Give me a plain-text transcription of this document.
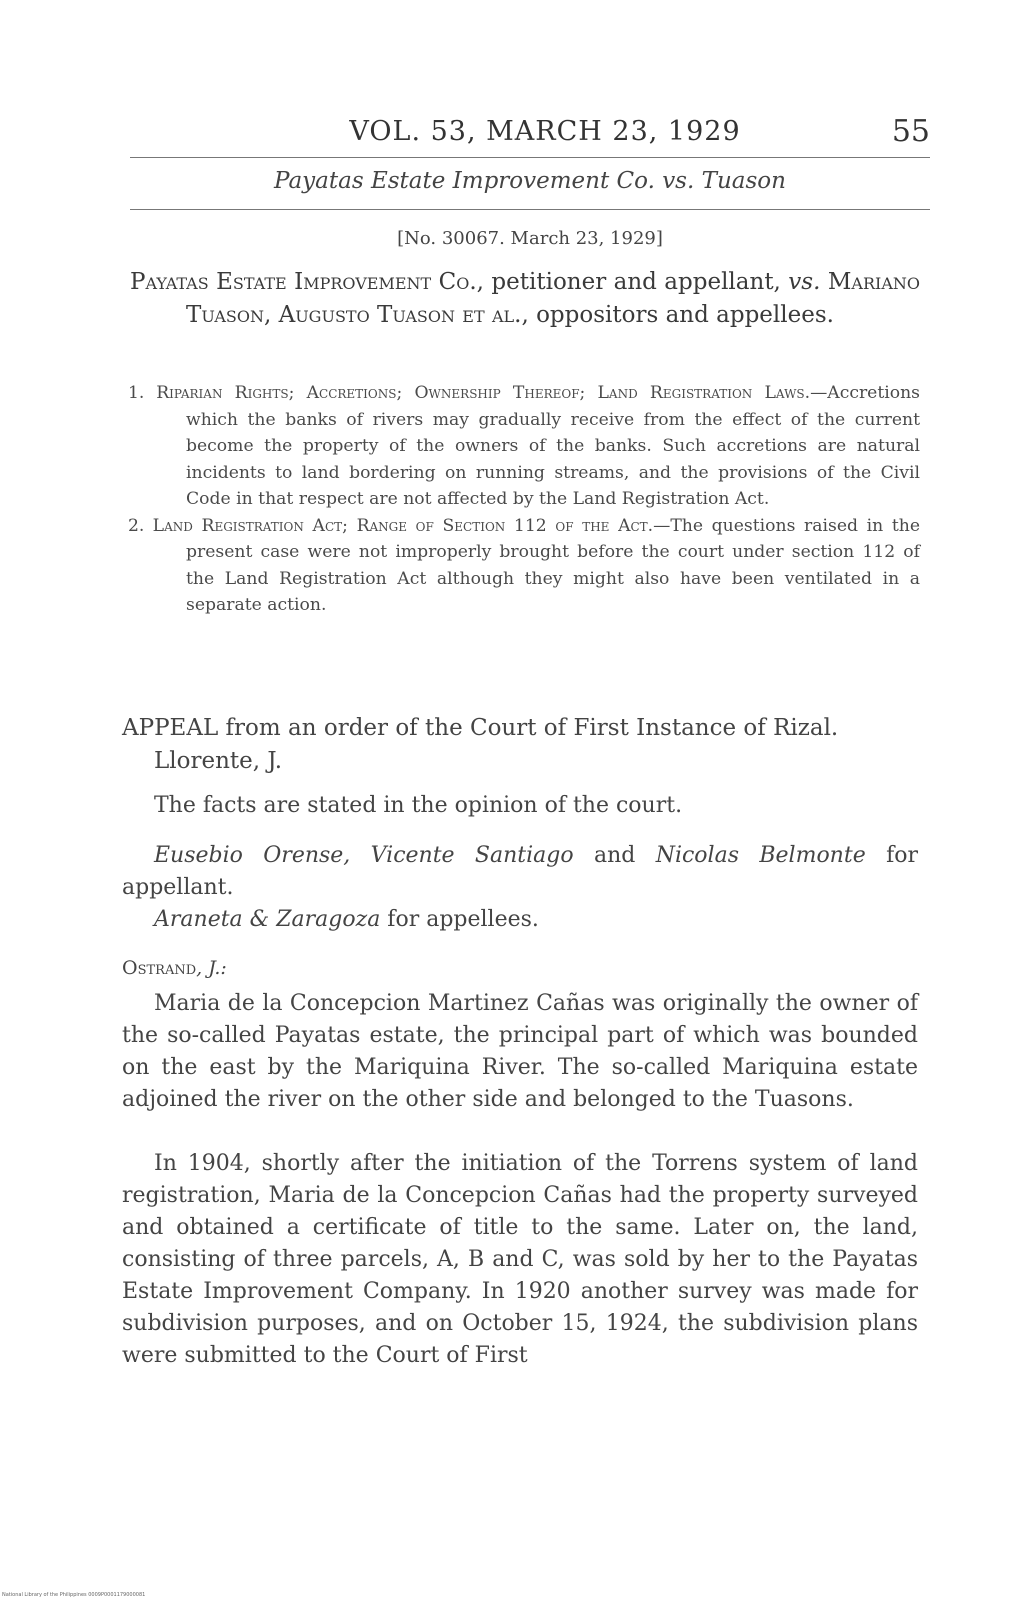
VOL. 53, MARCH 23, 1929	55
Payatas Estate Improvement Co. vs. Tuason
[No. 30067. March 23, 1929]
Payatas Estate Improvement Co., petitioner and appellant, vs. Mariano Tuason, Augusto Tuason et al., oppositors and appellees.

1. Riparian Rights; Accretions; Ownership Thereof; Land Registration Laws.—Accretions which the banks of rivers may gradually receive from the effect of the current become the property of the owners of the banks. Such accretions are natural incidents to land bordering on running streams, and the provisions of the Civil Code in that respect are not affected by the Land Registration Act.

2. Land Registration Act; Range of Section 112 of the Act.—The questions raised in the present case were not improperly brought before the court under section 112 of the Land Registration Act although they might also have been ventilated in a separate action.

APPEAL from an order of the Court of First Instance of Rizal. Llorente, J.
The facts are stated in the opinion of the court.
Eusebio Orense, Vicente Santiago and Nicolas Belmonte for appellant.
Araneta & Zaragoza for appellees.
Ostrand, J.:
Maria de la Concepcion Martinez Cañas was originally the owner of the so-called Payatas estate, the principal part of which was bounded on the east by the Mariquina River. The so-called Mariquina estate adjoined the river on the other side and belonged to the Tuasons.
In 1904, shortly after the initiation of the Torrens system of land registration, Maria de la Concepcion Cañas had the property surveyed and obtained a certificate of title to the same. Later on, the land, consisting of three parcels, A, B and C, was sold by her to the Payatas Estate Improvement Company. In 1920 another survey was made for subdivision purposes, and on October 15, 1924, the subdivision plans were submitted to the Court of First
National Library of the Philippines 0009P0001179000081
